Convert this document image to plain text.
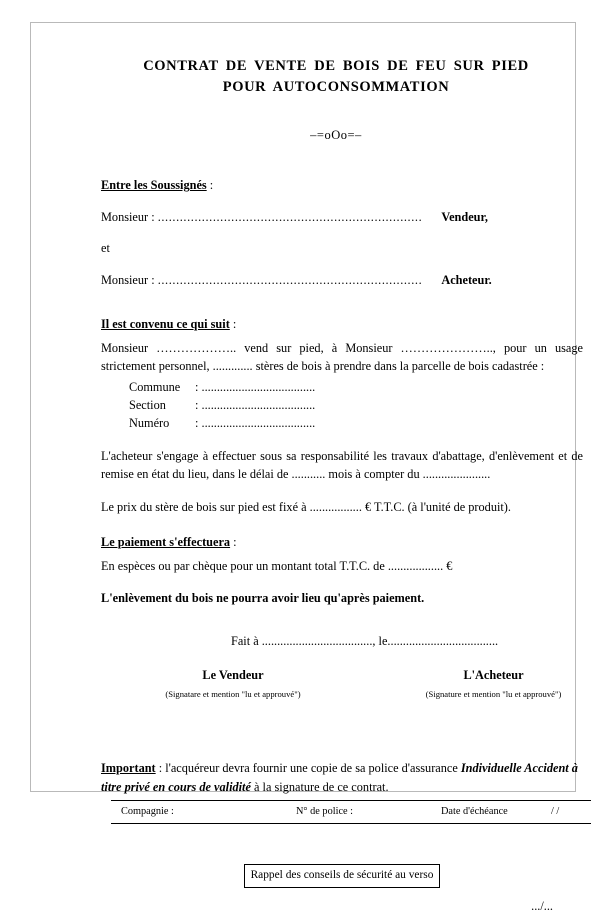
CONTRAT DE VENTE DE BOIS DE FEU SUR PIED
POUR AUTOCONSOMMATION
–=oOo=–
Entre les Soussignés :
Monsieur : ........................................................................ Vendeur,
et
Monsieur : ........................................................................ Acheteur.
Il est convenu ce qui suit :
Monsieur ……………….. vend sur pied, à Monsieur ………………….., pour un usage strictement personnel, ............. stères de bois à prendre dans la parcelle de bois cadastrée :
Commune : .....................................
Section : .....................................
Numéro : .....................................
L'acheteur s'engage à effectuer sous sa responsabilité les travaux d'abattage, d'enlèvement et de remise en état du lieu, dans le délai de ........... mois à compter du ......................
Le prix du stère de bois sur pied est fixé à ................. € T.T.C. (à l'unité de produit).
Le paiement s'effectuera :
En espèces ou par chèque pour un montant total T.T.C. de .................. €
L'enlèvement du bois ne pourra avoir lieu qu'après paiement.
Fait à ...................................., le....................................
Le Vendeur
(Signatare et mention "lu et approuvé")
L'Acheteur
(Signature et mention "lu et approuvé")
Important : l'acquéreur devra fournir une copie de sa police d'assurance Individuelle Accident à titre privé en cours de validité à la signature de ce contrat.
Compagnie :	N° de police :	Date d'échéance	/ /
Rappel des conseils de sécurité au verso
.../...
